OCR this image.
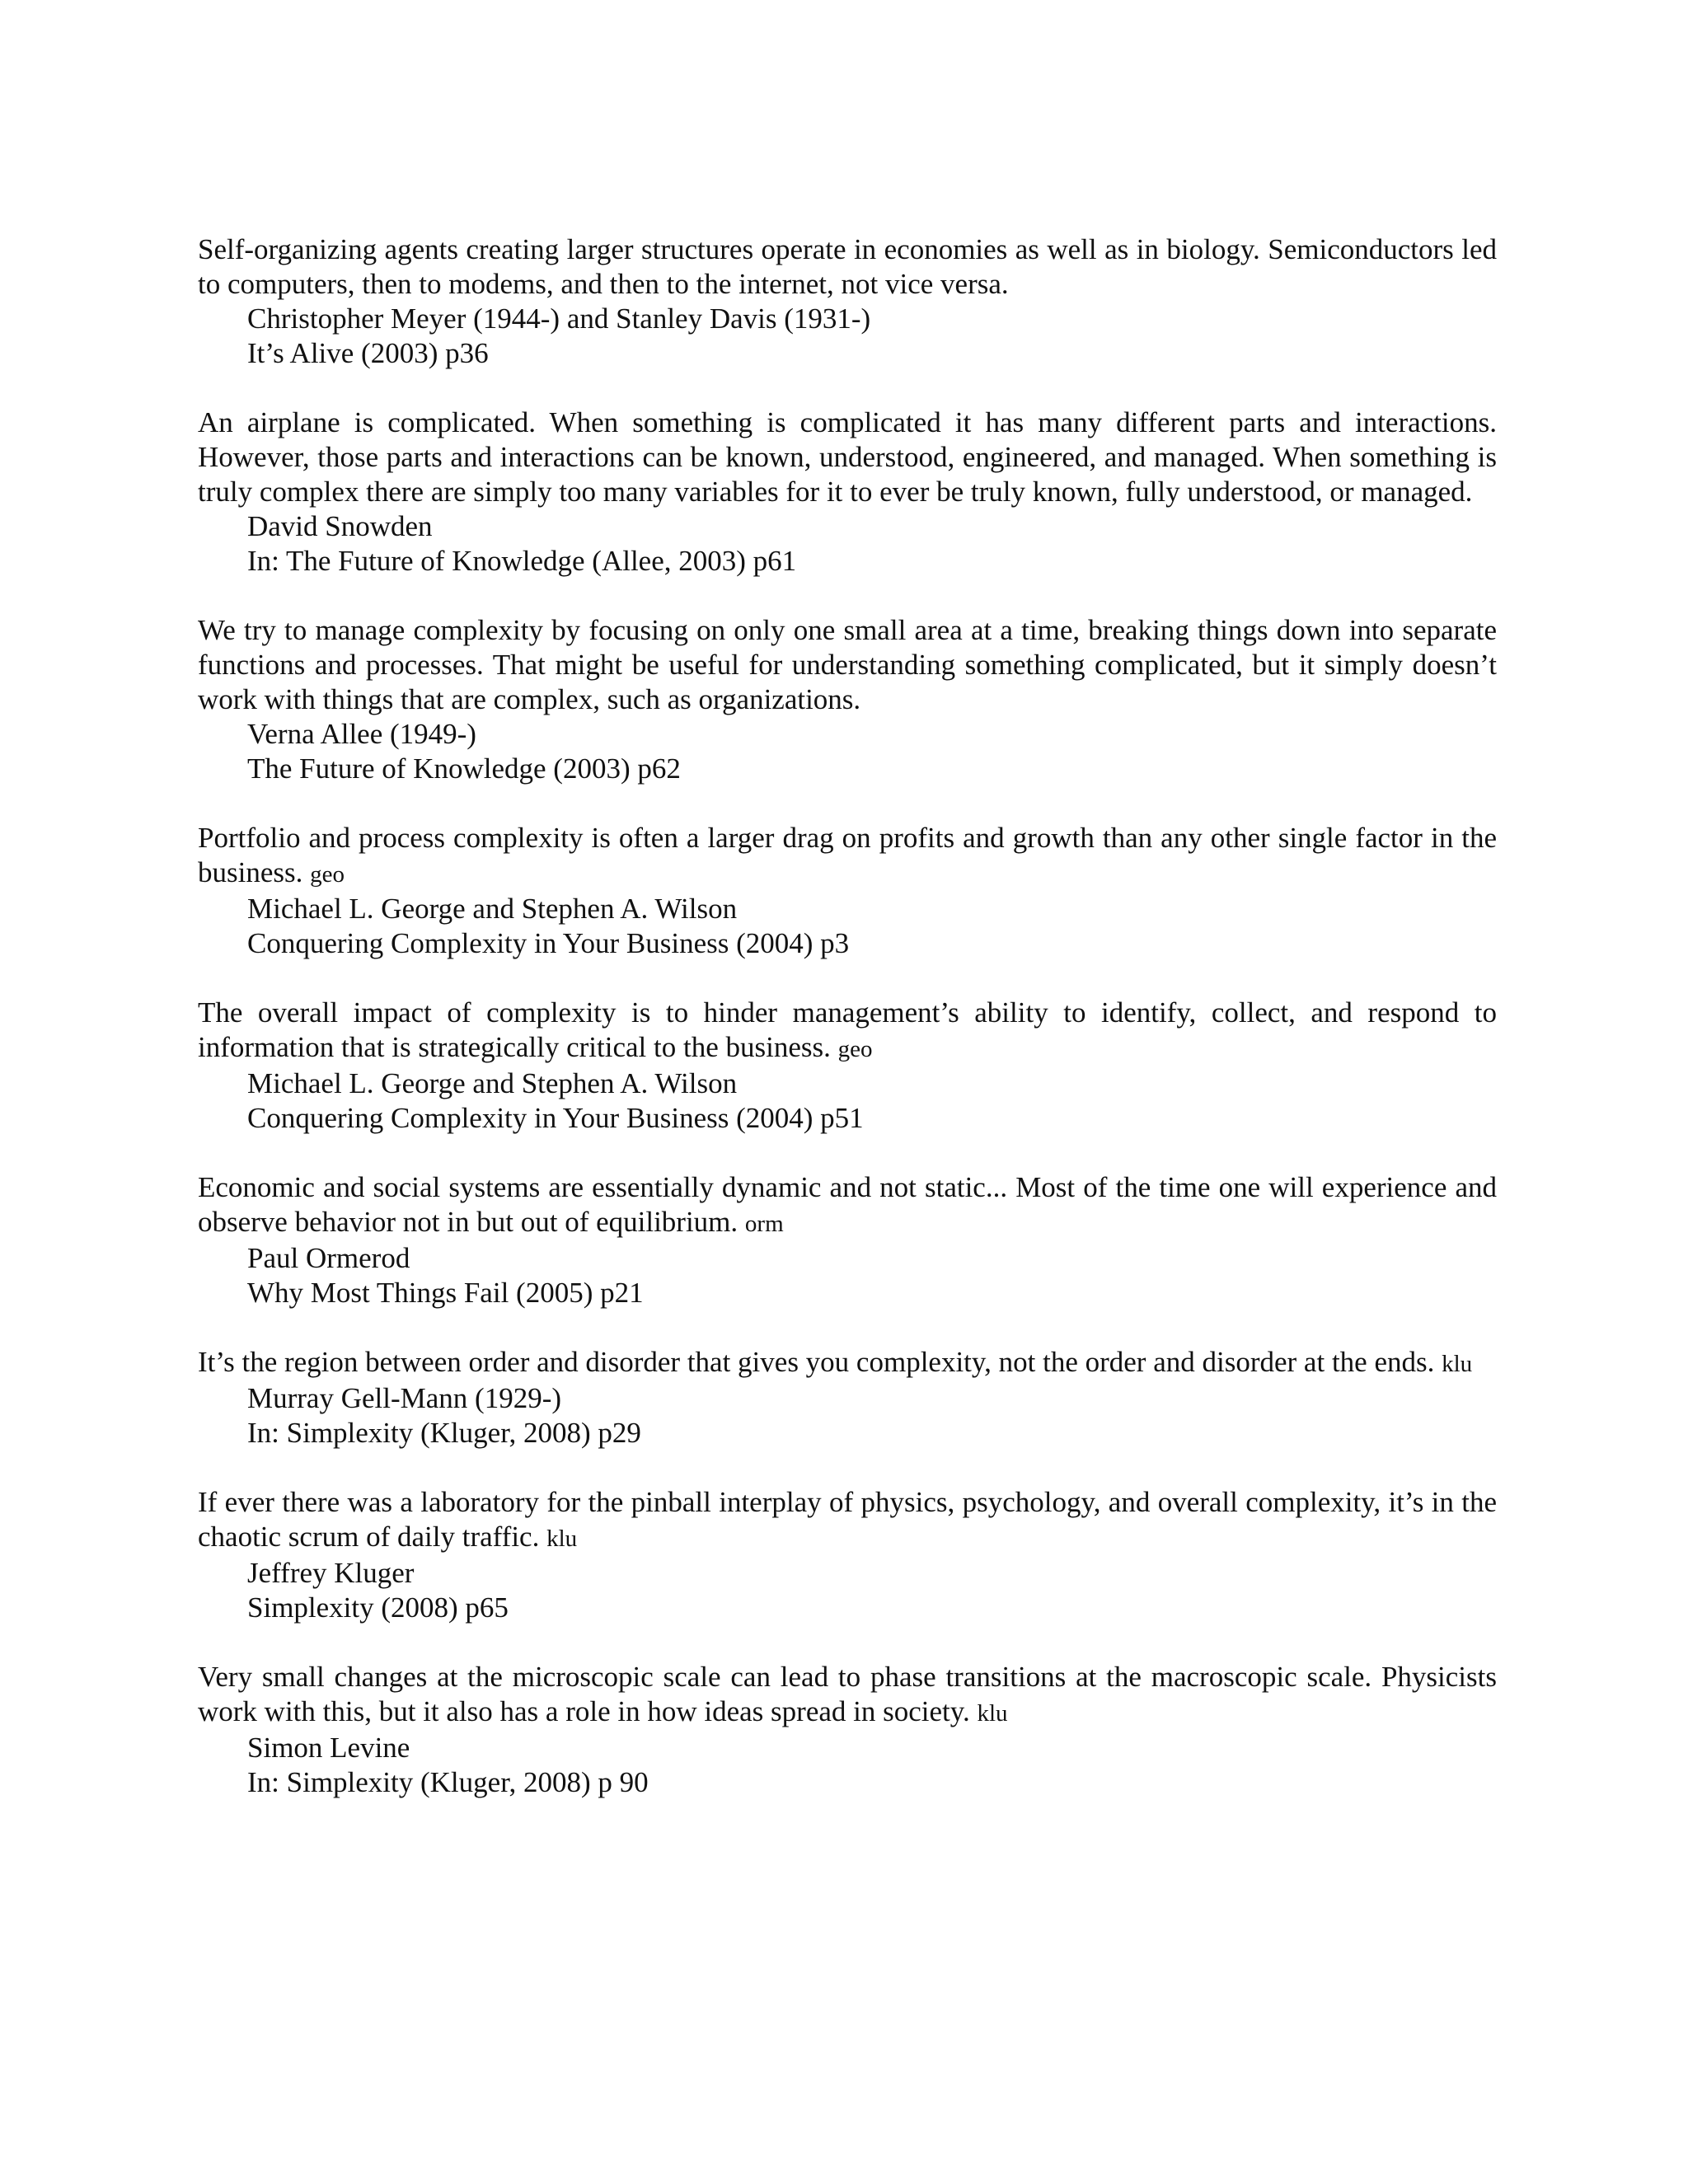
Self-organizing agents creating larger structures operate in economies as well as in biology. Semiconductors led to computers, then to modems, and then to the internet, not vice versa.

Christopher Meyer (1944-) and Stanley Davis (1931-)

It’s Alive (2003) p36

An airplane is complicated. When something is complicated it has many different parts and interactions. However, those parts and interactions can be known, understood, engineered, and managed. When something is truly complex there are simply too many variables for it to ever be truly known, fully understood, or managed.

David Snowden

In: The Future of Knowledge (Allee, 2003) p61

We try to manage complexity by focusing on only one small area at a time, breaking things down into separate functions and processes. That might be useful for understanding something complicated, but it simply doesn’t work with things that are complex, such as organizations.

Verna Allee (1949-)

The Future of Knowledge (2003) p62

Portfolio and process complexity is often a larger drag on profits and growth than any other single factor in the business. geo

Michael L. George and Stephen A. Wilson

Conquering Complexity in Your Business (2004) p3

The overall impact of complexity is to hinder management’s ability to identify, collect, and respond to information that is strategically critical to the business. geo

Michael L. George and Stephen A. Wilson

Conquering Complexity in Your Business (2004) p51

Economic and social systems are essentially dynamic and not static... Most of the time one will experience and observe behavior not in but out of equilibrium. orm

Paul Ormerod

Why Most Things Fail (2005) p21

It’s the region between order and disorder that gives you complexity, not the order and disorder at the ends. klu

Murray Gell-Mann (1929-)

In: Simplexity (Kluger, 2008) p29

If ever there was a laboratory for the pinball interplay of physics, psychology, and overall complexity, it’s in the chaotic scrum of daily traffic. klu

Jeffrey Kluger

Simplexity (2008) p65

Very small changes at the microscopic scale can lead to phase transitions at the macroscopic scale. Physicists work with this, but it also has a role in how ideas spread in society. klu

Simon Levine

In: Simplexity (Kluger, 2008) p 90
